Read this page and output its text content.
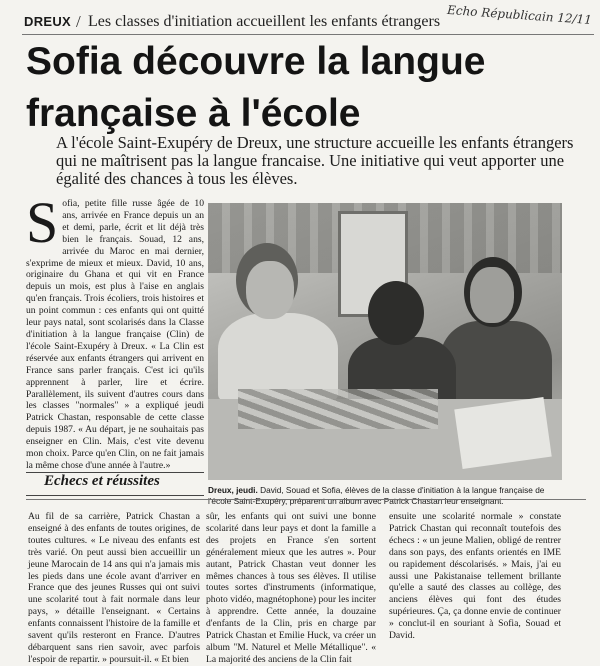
DREUX / Les classes d'initiation accueillent les enfants étrangers Echo Républicain 12/11
Sofia découvre la langue
française à l'école

A l'école Saint-Exupéry de Dreux, une structure accueille les enfants étrangers qui ne maîtrisent pas la langue francaise. Une initiative qui veut apporter une égalité des chances à tous les élèves.

Sofia, petite fille russe âgée de 10 ans, arrivée en France depuis un an et demi, parle, écrit et lit déjà très bien le français. Souad, 12 ans, arrivée du Maroc en mai dernier, s'exprime de mieux et mieux. David, 10 ans, originaire du Ghana et qui vit en France depuis un mois, est plus à l'aise en anglais qu'en français. Trois écoliers, trois histoires et un point commun : ces enfants qui ont quitté leur pays natal, sont scolarisés dans la Classe d'initiation à la langue française (Clin) de l'école Saint-Exupéry à Dreux. « La Clin est réservée aux enfants étrangers qui arrivent en France sans parler français. C'est ici qu'ils apprennent à parler, lire et écrire. Parallèlement, ils suivent d'autres cours dans les classes "normales" » a expliqué jeudi Patrick Chastan, responsable de cette classe depuis 1987. « Au départ, je ne souhaitais pas enseigner en Clin. Mais, c'est vite devenu mon choix. Parce qu'en Clin, on ne fait jamais la même chose d'une année à l'autre.»

Dreux, jeudi. David, Souad et Sofia, élèves de la classe d'initiation à la langue française de l'école Saint-Exupéry, préparent un album avec Patrick Chastan leur enseignant.

Echecs et réussites

Au fil de sa carrière, Patrick Chastan a enseigné à des enfants de toutes origines, de toutes cultures. « Le niveau des enfants est très varié. On peut aussi bien accueillir un jeune Marocain de 14 ans qui n'a jamais mis les pieds dans une école avant d'arriver en France que des jeunes Russes qui ont suivi une scolarité tout à fait normale dans leur pays, » détaille l'enseignant. « Certains enfants connaissent l'histoire de la famille et savent qu'ils resteront en France. D'autres débarquent sans rien savoir, avec parfois l'espoir de repartir. » poursuit-il. « Et bien

sûr, les enfants qui ont suivi une bonne scolarité dans leur pays et dont la famille a des projets en France s'en sortent généralement mieux que les autres ». Pour autant, Patrick Chastan veut donner les mêmes chances à tous ses élèves. Il utilise toutes sortes d'instruments (informatique, photo vidéo, magnétophone) pour les inciter à apprendre. Cette année, la douzaine d'enfants de la Clin, pris en charge par Patrick Chastan et Emilie Huck, va créer un album "M. Naturel et Melle Métallique". « La majorité des anciens de la Clin fait

ensuite une scolarité normale » constate Patrick Chastan qui reconnaît toutefois des échecs : « un jeune Malien, obligé de rentrer dans son pays, des enfants orientés en IME ou rapidement déscolarisés. » Mais, j'ai eu aussi une Pakistanaise tellement brillante qu'elle a sauté des classes au collège, des anciens élèves qui font des études supérieures. Ça, ça donne envie de continuer » conclut-il en souriant à Sofia, Souad et David.
